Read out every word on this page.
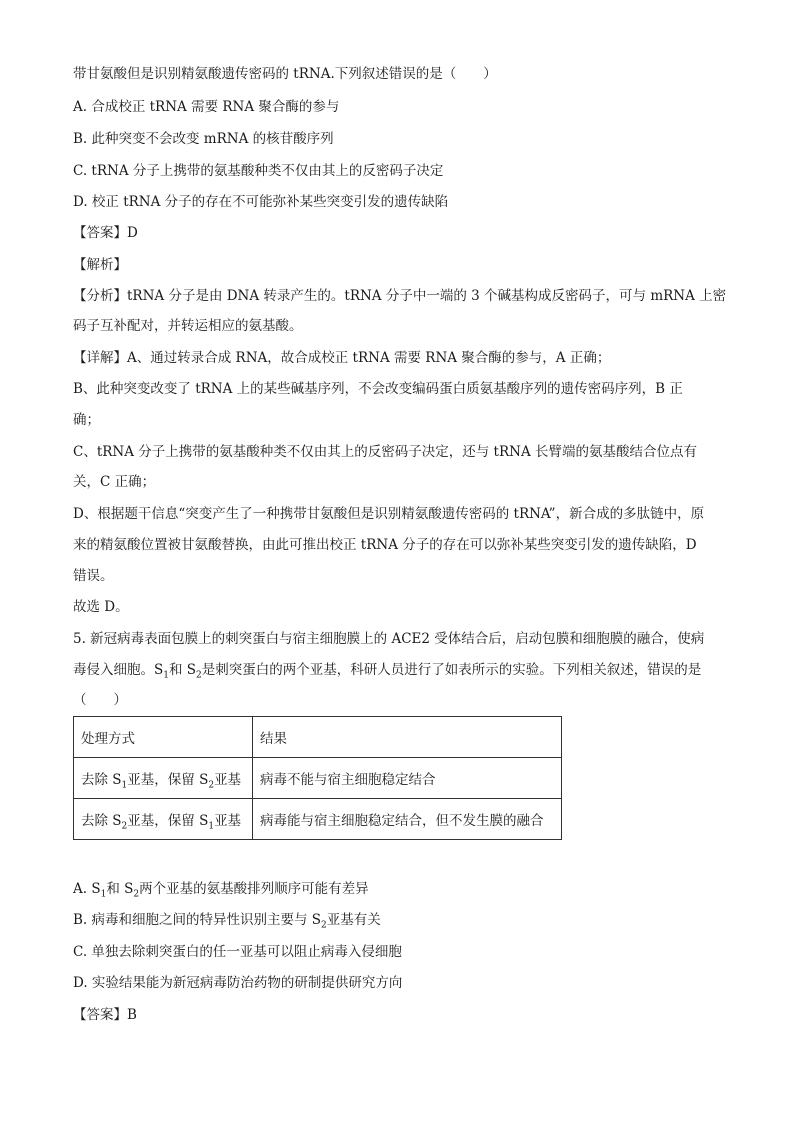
带甘氨酸但是识别精氨酸遗传密码的 tRNA.下列叙述错误的是（　　）
A. 合成校正 tRNA 需要 RNA 聚合酶的参与
B. 此种突变不会改变 mRNA 的核苷酸序列
C. tRNA 分子上携带的氨基酸种类不仅由其上的反密码子决定
D. 校正 tRNA 分子的存在不可能弥补某些突变引发的遗传缺陷
【答案】D
【解析】
【分析】tRNA 分子是由 DNA 转录产生的。tRNA 分子中一端的 3 个碱基构成反密码子，可与 mRNA 上密
码子互补配对，并转运相应的氨基酸。
【详解】A、通过转录合成 RNA，故合成校正 tRNA 需要 RNA 聚合酶的参与，A 正确；
B、此种突变改变了 tRNA 上的某些碱基序列，不会改变编码蛋白质氨基酸序列的遗传密码序列，B 正
确；
C、tRNA 分子上携带的氨基酸种类不仅由其上的反密码子决定，还与 tRNA 长臂端的氨基酸结合位点有
关，C 正确；
D、根据题干信息“突变产生了一种携带甘氨酸但是识别精氨酸遗传密码的 tRNA”，新合成的多肽链中，原
来的精氨酸位置被甘氨酸替换，由此可推出校正 tRNA 分子的存在可以弥补某些突变引发的遗传缺陷，D
错误。
故选 D。
5. 新冠病毒表面包膜上的刺突蛋白与宿主细胞膜上的 ACE2 受体结合后，启动包膜和细胞膜的融合，使病
毒侵入细胞。$S_1$和 $S_2$是刺突蛋白的两个亚基，科研人员进行了如表所示的实验。下列相关叙述，错误的是
（　　）
处理方式	结果
去除 $S_1$亚基，保留 $S_2$亚基	病毒不能与宿主细胞稳定结合
去除 $S_2$亚基，保留 $S_1$亚基	病毒能与宿主细胞稳定结合，但不发生膜的融合
A. $S_1$和 $S_2$两个亚基的氨基酸排列顺序可能有差异
B. 病毒和细胞之间的特异性识别主要与 $S_2$亚基有关
C. 单独去除刺突蛋白的任一亚基可以阻止病毒入侵细胞
D. 实验结果能为新冠病毒防治药物的研制提供研究方向
【答案】B
